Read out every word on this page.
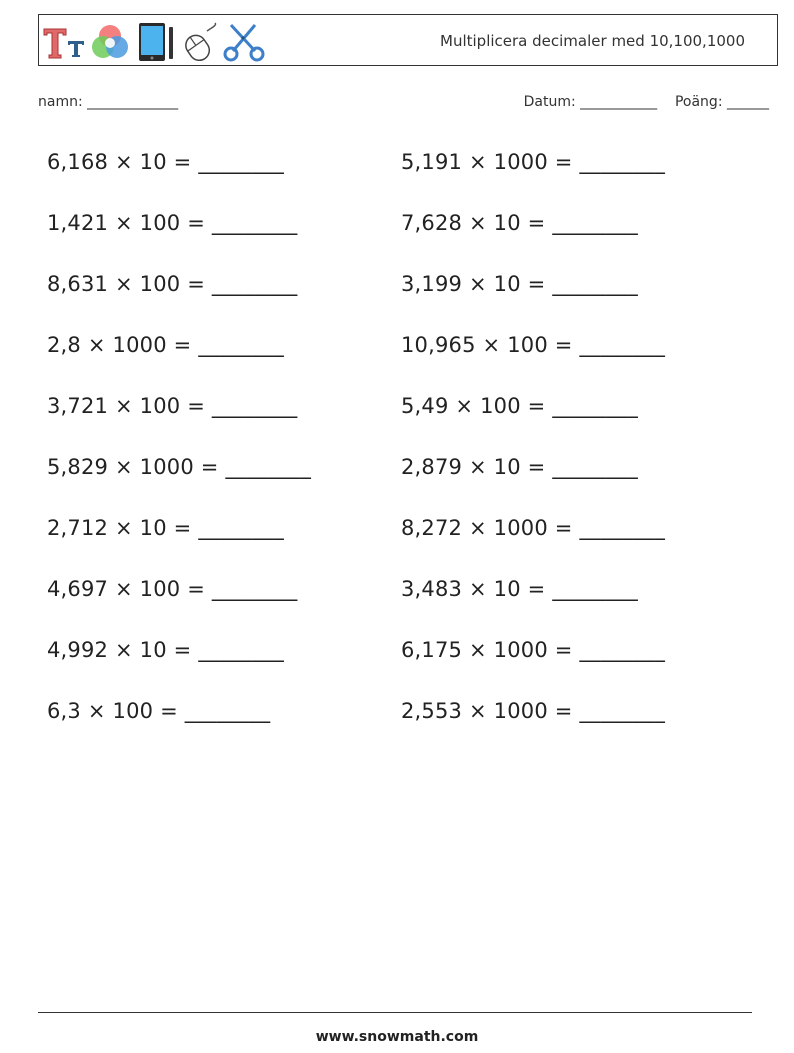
Multiplicera decimaler med 10,100,1000
namn: _____________	Datum: ___________ Poäng: ______
6,168 × 10 = ________
1,421 × 100 = ________
8,631 × 100 = ________
2,8 × 1000 = ________
3,721 × 100 = ________
5,829 × 1000 = ________
2,712 × 10 = ________
4,697 × 100 = ________
4,992 × 10 = ________
6,3 × 100 = ________
5,191 × 1000 = ________
7,628 × 10 = ________
3,199 × 10 = ________
10,965 × 100 = ________
5,49 × 100 = ________
2,879 × 10 = ________
8,272 × 1000 = ________
3,483 × 10 = ________
6,175 × 1000 = ________
2,553 × 1000 = ________
www.snowmath.com
